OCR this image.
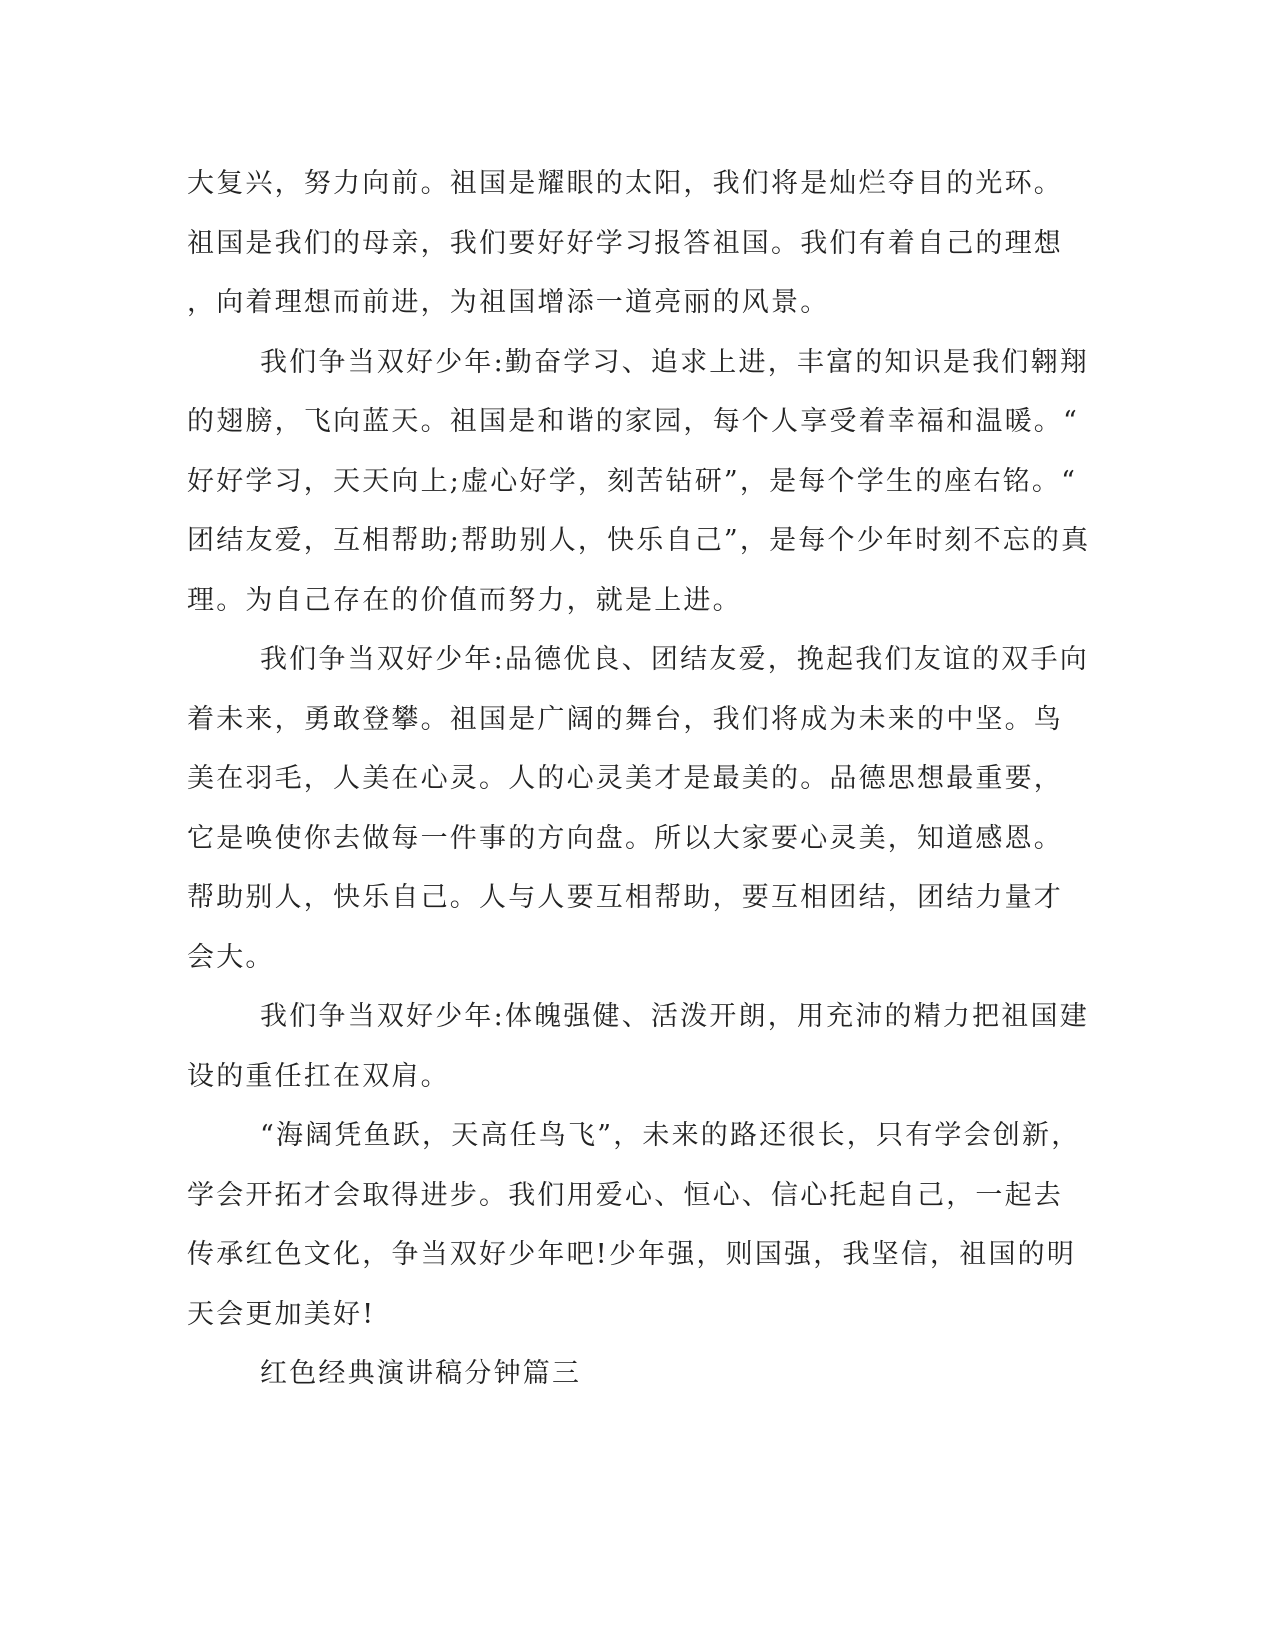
大复兴，努力向前。祖国是耀眼的太阳，我们将是灿烂夺目的光环。
祖国是我们的母亲，我们要好好学习报答祖国。我们有着自己的理想
，向着理想而前进，为祖国增添一道亮丽的风景。
我们争当双好少年:勤奋学习、追求上进，丰富的知识是我们翱翔
的翅膀，飞向蓝天。祖国是和谐的家园，每个人享受着幸福和温暖。“
好好学习，天天向上;虚心好学，刻苦钻研”，是每个学生的座右铭。“
团结友爱，互相帮助;帮助别人，快乐自己”，是每个少年时刻不忘的真
理。为自己存在的价值而努力，就是上进。
我们争当双好少年:品德优良、团结友爱，挽起我们友谊的双手向
着未来，勇敢登攀。祖国是广阔的舞台，我们将成为未来的中坚。鸟
美在羽毛，人美在心灵。人的心灵美才是最美的。品德思想最重要，
它是唤使你去做每一件事的方向盘。所以大家要心灵美，知道感恩。
帮助别人，快乐自己。人与人要互相帮助，要互相团结，团结力量才
会大。
我们争当双好少年:体魄强健、活泼开朗，用充沛的精力把祖国建
设的重任扛在双肩。
“海阔凭鱼跃，天高任鸟飞”，未来的路还很长，只有学会创新，
学会开拓才会取得进步。我们用爱心、恒心、信心托起自己，一起去
传承红色文化，争当双好少年吧!少年强，则国强，我坚信，祖国的明
天会更加美好!
红色经典演讲稿分钟篇三
